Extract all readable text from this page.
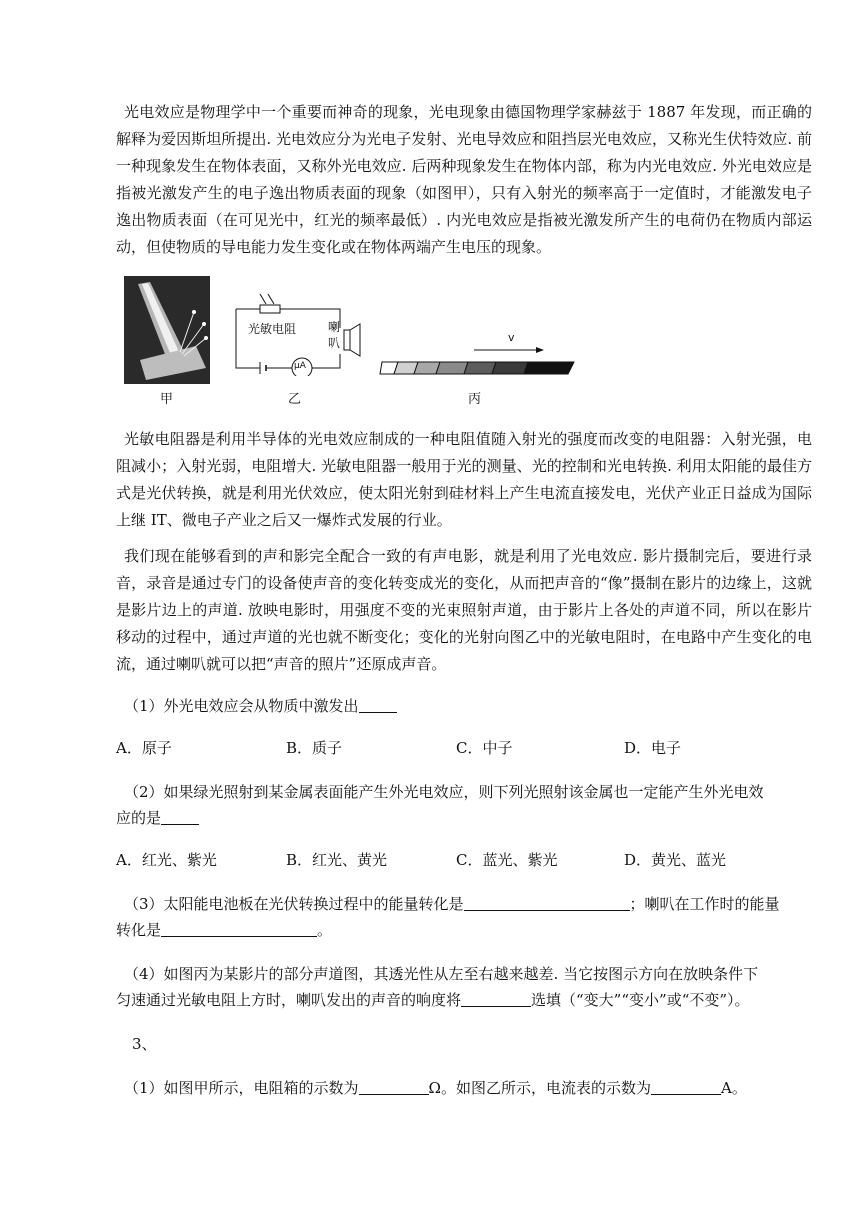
光电效应是物理学中一个重要而神奇的现象，光电现象由德国物理学家赫兹于 1887 年发现，而正确的解释为爱因斯坦所提出. 光电效应分为光电子发射、光电导效应和阻挡层光电效应，又称光生伏特效应. 前一种现象发生在物体表面，又称外光电效应. 后两种现象发生在物体内部，称为内光电效应. 外光电效应是指被光激发产生的电子逸出物质表面的现象（如图甲），只有入射光的频率高于一定值时，才能激发电子逸出物质表面（在可见光中，红光的频率最低）. 内光电效应是指被光激发所产生的电荷仍在物质内部运动，但使物质的导电能力发生变化或在物体两端产生电压的现象。

甲
光敏电阻	喇
叭
μA
乙
v
丙

光敏电阻器是利用半导体的光电效应制成的一种电阻值随入射光的强度而改变的电阻器：入射光强，电阻减小；入射光弱，电阻增大. 光敏电阻器一般用于光的测量、光的控制和光电转换. 利用太阳能的最佳方式是光伏转换，就是利用光伏效应，使太阳光射到硅材料上产生电流直接发电，光伏产业正日益成为国际上继 IT、微电子产业之后又一爆炸式发展的行业。

我们现在能够看到的声和影完全配合一致的有声电影，就是利用了光电效应. 影片摄制完后，要进行录音，录音是通过专门的设备使声音的变化转变成光的变化，从而把声音的“像”摄制在影片的边缘上，这就是影片边上的声道. 放映电影时，用强度不变的光束照射声道，由于影片上各处的声道不同，所以在影片移动的过程中，通过声道的光也就不断变化；变化的光射向图乙中的光敏电阻时，在电路中产生变化的电流，通过喇叭就可以把“声音的照片”还原成声音。

（1）外光电效应会从物质中激发出
A．原子	B．质子	C．中子	D．电子
（2）如果绿光照射到某金属表面能产生外光电效应，则下列光照射该金属也一定能产生外光电效
应的是
A．红光、紫光	B．红光、黄光	C．蓝光、紫光	D．黄光、蓝光
（3）太阳能电池板在光伏转换过程中的能量转化是	；喇叭在工作时的能量
转化是	。
（4）如图丙为某影片的部分声道图，其透光性从左至右越来越差. 当它按图示方向在放映条件下
匀速通过光敏电阻上方时，喇叭发出的声音的响度将	选填（“变大”“变小”或“不变”）。
3、
（1）如图甲所示，电阻箱的示数为	Ω。如图乙所示，电流表的示数为	A。
